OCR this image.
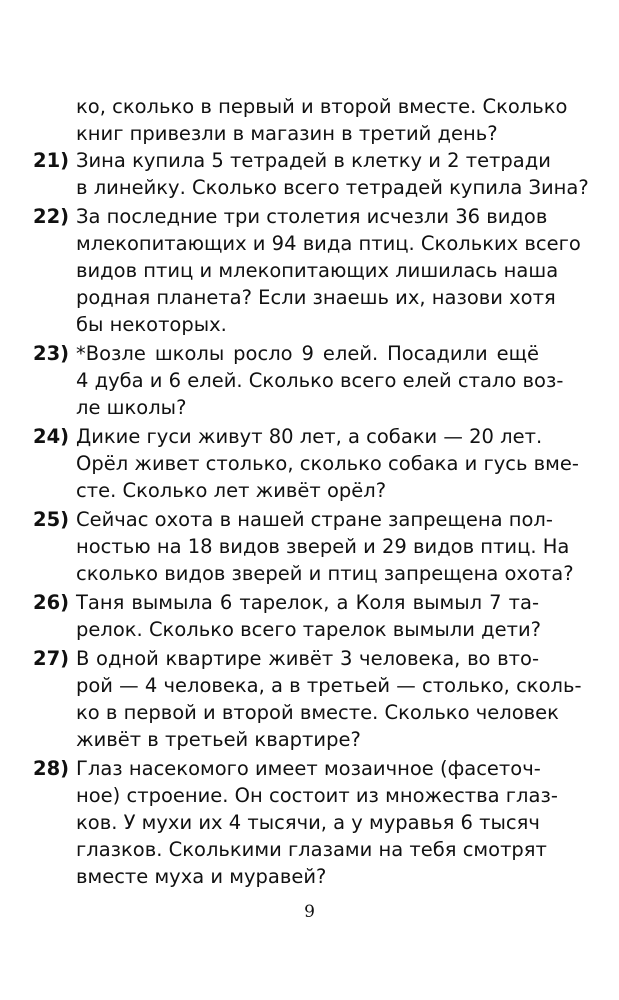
ко, сколько в первый и второй вместе. Сколько
книг привезли в магазин в третий день?
21) Зина купила 5 тетрадей в клетку и 2 тетради
в линейку. Сколько всего тетрадей купила Зина?
22) За последние три столетия исчезли 36 видов
млекопитающих и 94 вида птиц. Скольких всего
видов птиц и млекопитающих лишилась наша
родная планета? Если знаешь их, назови хотя
бы некоторых.
23) *Возле школы росло 9 елей. Посадили ещё
4 дуба и 6 елей. Сколько всего елей стало воз-
ле школы?
24) Дикие гуси живут 80 лет, а собаки — 20 лет.
Орёл живет столько, сколько собака и гусь вме-
сте. Сколько лет живёт орёл?
25) Сейчас охота в нашей стране запрещена пол-
ностью на 18 видов зверей и 29 видов птиц. На
сколько видов зверей и птиц запрещена охота?
26) Таня вымыла 6 тарелок, а Коля вымыл 7 та-
релок. Сколько всего тарелок вымыли дети?
27) В одной квартире живёт 3 человека, во вто-
рой — 4 человека, а в третьей — столько, сколь-
ко в первой и второй вместе. Сколько человек
живёт в третьей квартире?
28) Глаз насекомого имеет мозаичное (фасеточ-
ное) строение. Он состоит из множества глаз-
ков. У мухи их 4 тысячи, а у муравья 6 тысяч
глазков. Сколькими глазами на тебя смотрят
вместе муха и муравей?
9
